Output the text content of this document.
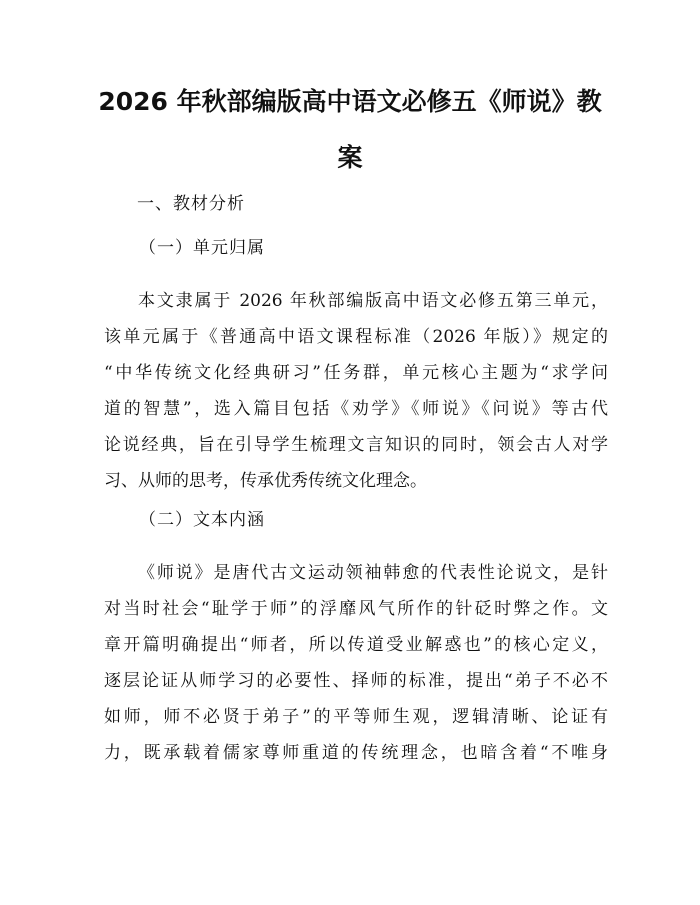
2026 年秋部编版高中语文必修五《师说》教
案

一、教材分析

（一）单元归属

本文隶属于 2026 年秋部编版高中语文必修五第三单元，
该单元属于《普通高中语文课程标准（2026 年版）》规定的
“中华传统文化经典研习”任务群，单元核心主题为“求学问
道的智慧”，选入篇目包括《劝学》《师说》《问说》等古代
论说经典，旨在引导学生梳理文言知识的同时，领会古人对学
习、从师的思考，传承优秀传统文化理念。

（二）文本内涵

《师说》是唐代古文运动领袖韩愈的代表性论说文，是针
对当时社会“耻学于师”的浮靡风气所作的针砭时弊之作。文
章开篇明确提出“师者，所以传道受业解惑也”的核心定义，
逐层论证从师学习的必要性、择师的标准，提出“弟子不必不
如师，师不必贤于弟子”的平等师生观，逻辑清晰、论证有
力，既承载着儒家尊师重道的传统理念，也暗含着“不唯身
